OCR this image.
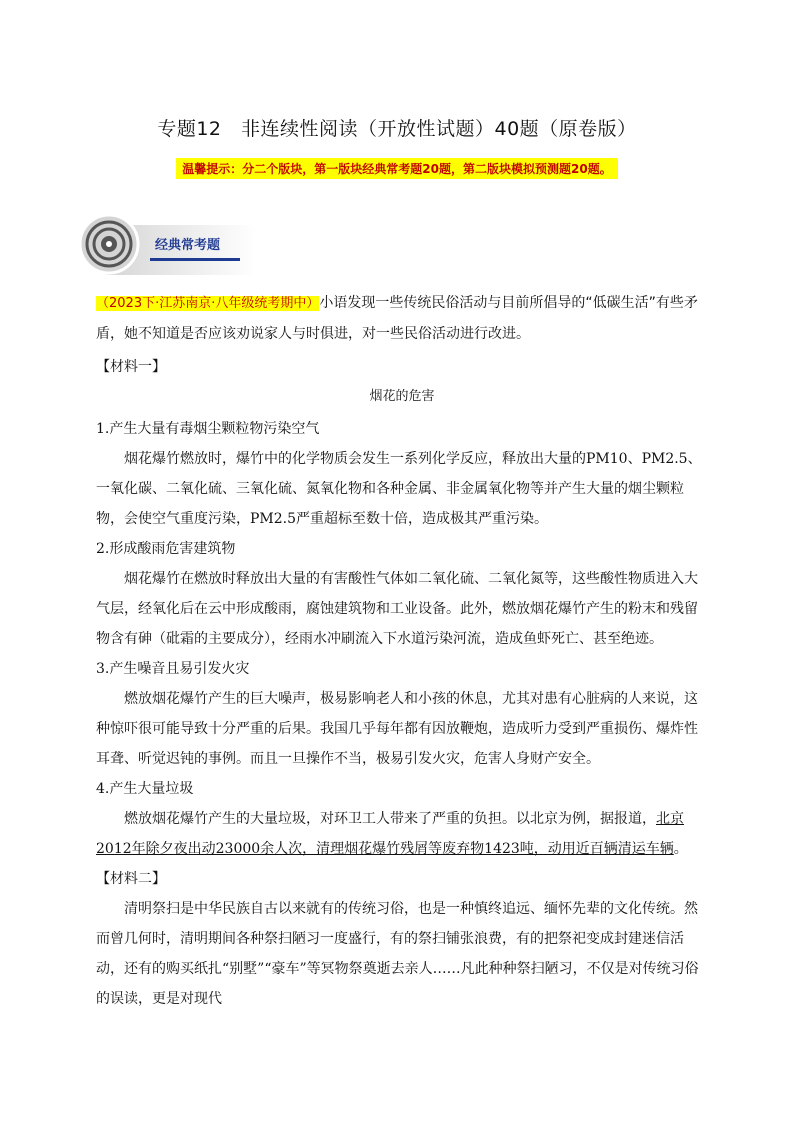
专题12　非连续性阅读（开放性试题）40题（原卷版）
温馨提示：分二个版块，第一版块经典常考题20题，第二版块模拟预测题20题。
经典常考题
（2023下·江苏南京·八年级统考期中）小语发现一些传统民俗活动与目前所倡导的“低碳生活”有些矛盾，她不知道是否应该劝说家人与时俱进，对一些民俗活动进行改进。
【材料一】
烟花的危害

1.产生大量有毒烟尘颗粒物污染空气

烟花爆竹燃放时，爆竹中的化学物质会发生一系列化学反应，释放出大量的PM10、PM2.5、一氧化碳、二氧化硫、三氧化硫、氮氧化物和各种金属、非金属氧化物等并产生大量的烟尘颗粒物，会使空气重度污染，PM2.5严重超标至数十倍，造成极其严重污染。

2.形成酸雨危害建筑物

烟花爆竹在燃放时释放出大量的有害酸性气体如二氧化硫、二氧化氮等，这些酸性物质进入大气层，经氧化后在云中形成酸雨，腐蚀建筑物和工业设备。此外，燃放烟花爆竹产生的粉末和残留物含有砷（砒霜的主要成分），经雨水冲刷流入下水道污染河流，造成鱼虾死亡、甚至绝迹。

3.产生噪音且易引发火灾

燃放烟花爆竹产生的巨大噪声，极易影响老人和小孩的休息，尤其对患有心脏病的人来说，这种惊吓很可能导致十分严重的后果。我国几乎每年都有因放鞭炮，造成听力受到严重损伤、爆炸性耳聋、听觉迟钝的事例。而且一旦操作不当，极易引发火灾，危害人身财产安全。

4.产生大量垃圾

燃放烟花爆竹产生的大量垃圾，对环卫工人带来了严重的负担。以北京为例，据报道，北京2012年除夕夜出动23000余人次，清理烟花爆竹残屑等废弃物1423吨，动用近百辆清运车辆。

【材料二】

清明祭扫是中华民族自古以来就有的传统习俗，也是一种慎终追远、缅怀先辈的文化传统。然而曾几何时，清明期间各种祭扫陋习一度盛行，有的祭扫铺张浪费，有的把祭祀变成封建迷信活动，还有的购买纸扎“别墅”“豪车”等冥物祭奠逝去亲人……凡此种种祭扫陋习，不仅是对传统习俗的误读，更是对现代
